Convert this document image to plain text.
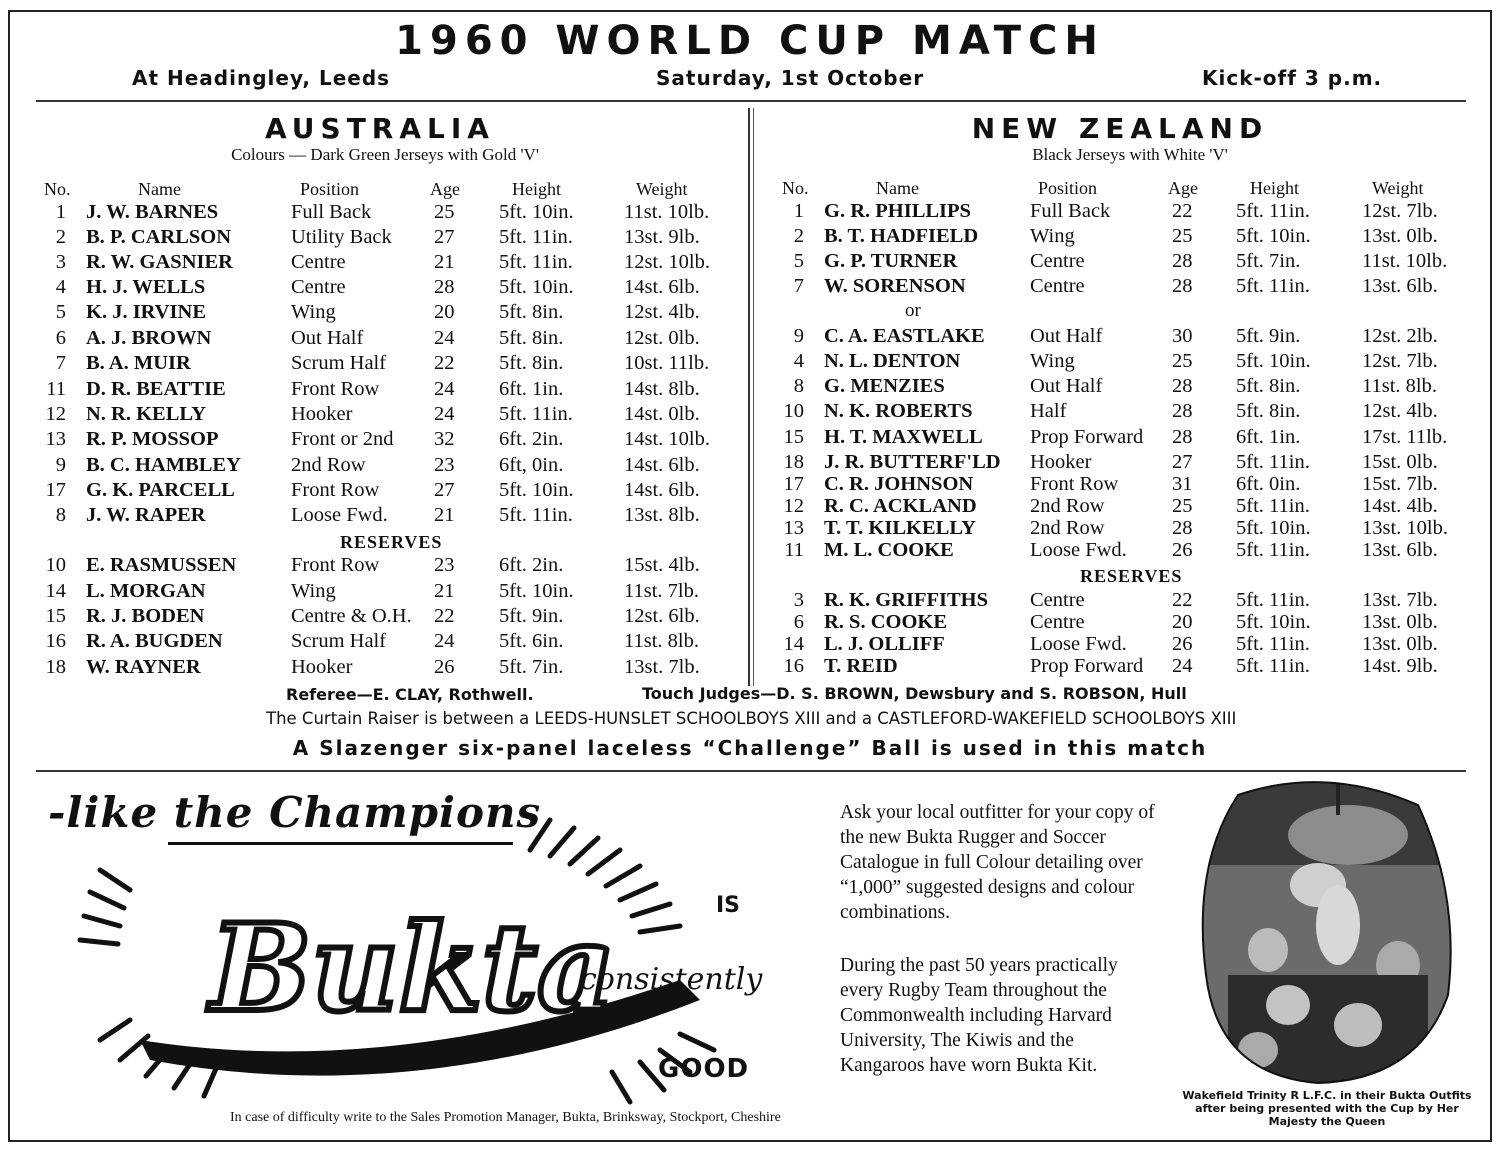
1960 WORLD CUP MATCH
At Headingley, Leeds	Saturday, 1st October	Kick-off 3 p.m.
AUSTRALIA
Colours — Dark Green Jerseys with Gold 'V'
NEW ZEALAND
Black Jerseys with White 'V'
No.	Name	Position	Age	Height	Weight	No.	Name	Position	Age	Height	Weight
1 J. W. BARNES	Full Back	25 5ft. 10in. 11st. 10lb.
2 B. P. CARLSON	Utility Back 27 5ft. 11in. 13st. 9lb.
3 R. W. GASNIER	Centre	21 5ft. 11in. 12st. 10lb.
4 H. J. WELLS	Centre	28 5ft. 10in. 14st. 6lb.
5 K. J. IRVINE	Wing	20 5ft. 8in.	12st. 4lb.
6 A. J. BROWN	Out Half	24 5ft. 8in.	12st. 0lb.
7 B. A. MUIR	Scrum Half 22 5ft. 8in.	10st. 11lb.
11 D. R. BEATTIE	Front Row	24 6ft. 1in.	14st. 8lb.
12 N. R. KELLY	Hooker	24 5ft. 11in. 14st. 0lb.
13 R. P. MOSSOP	Front or 2nd 32 6ft. 2in.	14st. 10lb.
9 B. C. HAMBLEY 2nd Row	23 6ft, 0in.	14st. 6lb.
17 G. K. PARCELL	Front Row	27 5ft. 10in. 14st. 6lb.
8 J. W. RAPER	Loose Fwd. 21 5ft. 11in. 13st. 8lb.
10 E. RASMUSSEN	Front Row	23 6ft. 2in.	15st. 4lb.
14 L. MORGAN	Wing	21 5ft. 10in. 11st. 7lb.
15 R. J. BODEN	Centre & O.H. 22 5ft. 9in.	12st. 6lb.
16 R. A. BUGDEN	Scrum Half 24 5ft. 6in.	11st. 8lb.
18 W. RAYNER	Hooker	26 5ft. 7in.	13st. 7lb.
1 G. R. PHILLIPS	Full Back	22 5ft. 11in.	12st. 7lb.
2 B. T. HADFIELD	Wing	25 5ft. 10in.	13st. 0lb.
5 G. P. TURNER	Centre	28 5ft. 7in.	11st. 10lb.
7 W. SORENSON	Centre	28 5ft. 11in.	13st. 6lb.
9 C. A. EASTLAKE Out Half	30 5ft. 9in.	12st. 2lb.
4 N. L. DENTON	Wing	25 5ft. 10in.	12st. 7lb.
8 G. MENZIES	Out Half	28 5ft. 8in.	11st. 8lb.
10 N. K. ROBERTS	Half	28 5ft. 8in.	12st. 4lb.
15 H. T. MAXWELL Prop Forward 28 6ft. 1in.	17st. 11lb.
18 J. R. BUTTERF'LD Hooker	27 5ft. 11in.	15st. 0lb.
17 C. R. JOHNSON	Front Row	31 6ft. 0in.	15st. 7lb.
12 R. C. ACKLAND	2nd Row	25 5ft. 11in.	14st. 4lb.
13 T. T. KILKELLY	2nd Row	28 5ft. 10in.	13st. 10lb.
11 M. L. COOKE	Loose Fwd. 26 5ft. 11in.	13st. 6lb.
3 R. K. GRIFFITHS Centre	22 5ft. 11in.	13st. 7lb.
6 R. S. COOKE	Centre	20 5ft. 10in.	13st. 0lb.
14 L. J. OLLIFF	Loose Fwd. 26 5ft. 11in.	13st. 0lb.
16 T. REID	Prop Forward 24 5ft. 11in.	14st. 9lb.
or
RESERVES
RESERVES
Referee—E. CLAY, Rothwell.	Touch Judges—D. S. BROWN, Dewsbury and S. ROBSON, Hull
The Curtain Raiser is between a LEEDS-HUNSLET SCHOOLBOYS XIII and a CASTLEFORD-WAKEFIELD SCHOOLBOYS XIII
A Slazenger six-panel laceless “Challenge” Ball is used in this match
-like the Champions
Bukta	IS
consistently
GOOD
Ask your local outfitter for your copy of the new Bukta Rugger and Soccer Catalogue in full Colour detailing over “1,000” suggested designs and colour combinations.
During the past 50 years practically every Rugby Team throughout the Commonwealth including Harvard University, The Kiwis and the Kangaroos have worn Bukta Kit.
In case of difficulty write to the Sales Promotion Manager, Bukta, Brinksway, Stockport, Cheshire
Wakefield Trinity R L.F.C. in their Bukta Outfits after being presented with the Cup by Her Majesty the Queen
